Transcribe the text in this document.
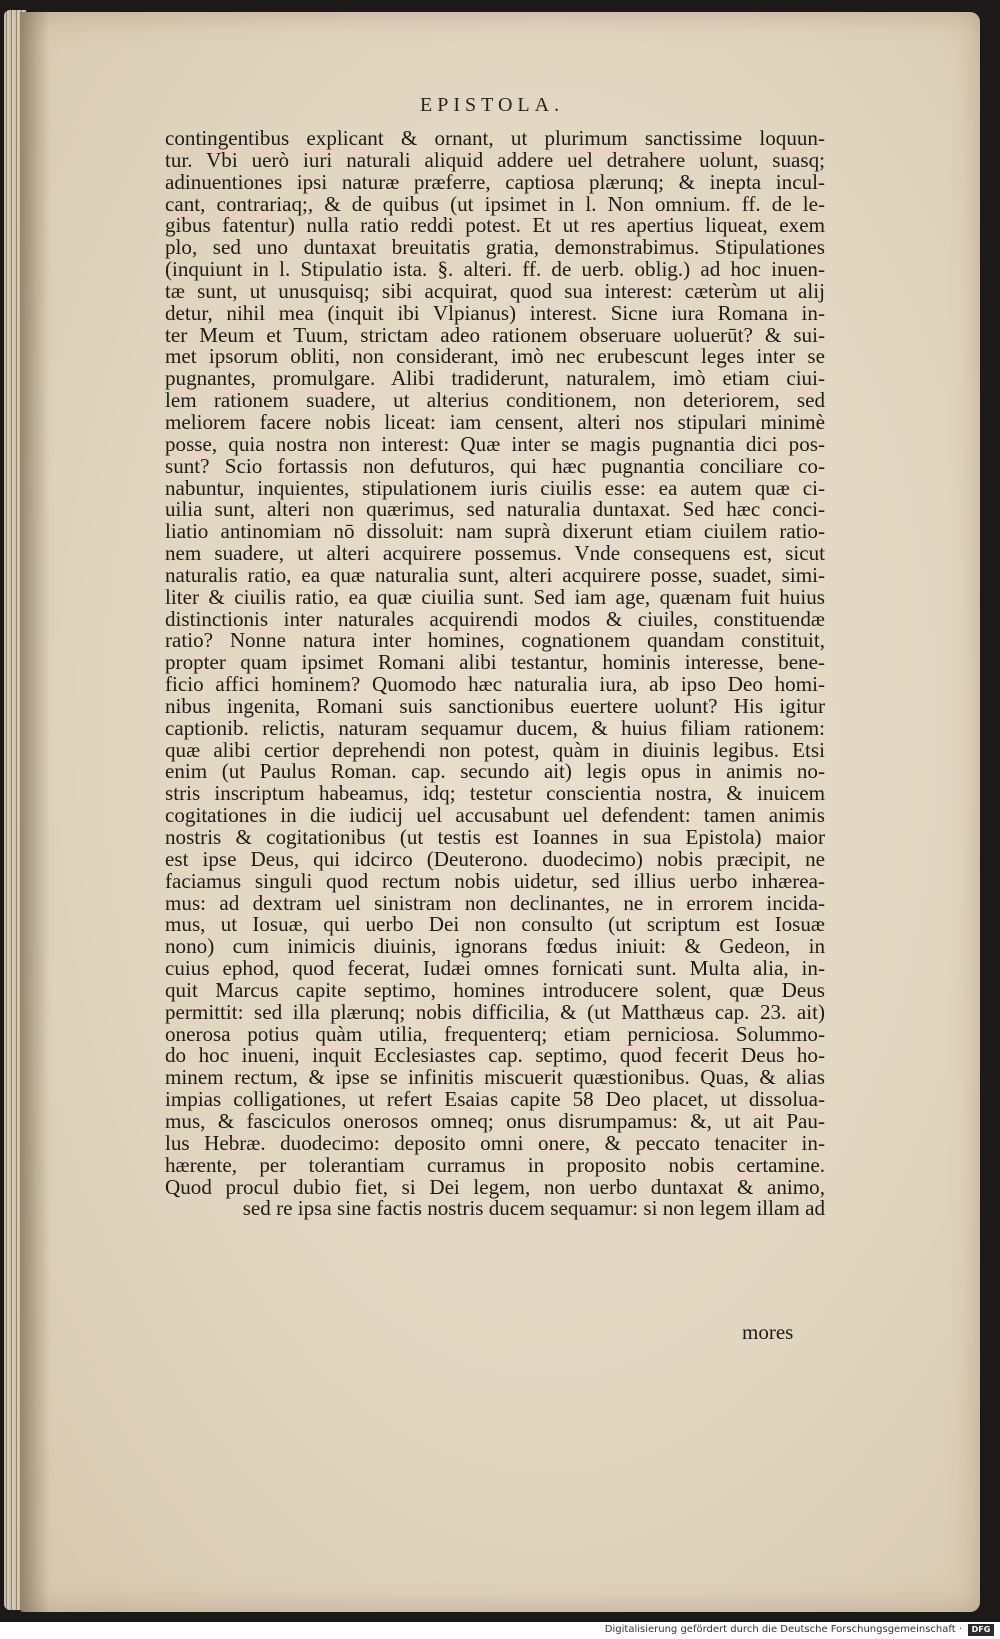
EPISTOLA.
contingentibus explicant & ornant, ut plurimum sanctissime loquun-
tur. Vbi uerò iuri naturali aliquid addere uel detrahere uolunt, suasq;
adinuentiones ipsi naturæ præferre, captiosa plærunq; & inepta incul-
cant, contrariaq;, & de quibus (ut ipsimet in l. Non omnium. ff. de le-
gibus fatentur) nulla ratio reddi potest. Et ut res apertius liqueat, exem
plo, sed uno duntaxat breuitatis gratia, demonstrabimus. Stipulationes
(inquiunt in l. Stipulatio ista. §. alteri. ff. de uerb. oblig.) ad hoc inuen-
tæ sunt, ut unusquisq; sibi acquirat, quod sua interest: cæterùm ut alij
detur, nihil mea (inquit ibi Vlpianus) interest. Sicne iura Romana in-
ter Meum et Tuum, strictam adeo rationem obseruare uoluerūt? & sui-
met ipsorum obliti, non considerant, imò nec erubescunt leges inter se
pugnantes, promulgare. Alibi tradiderunt, naturalem, imò etiam ciui-
lem rationem suadere, ut alterius conditionem, non deteriorem, sed
meliorem facere nobis liceat: iam censent, alteri nos stipulari minimè
posse, quia nostra non interest: Quæ inter se magis pugnantia dici pos-
sunt? Scio fortassis non defuturos, qui hæc pugnantia conciliare co-
nabuntur, inquientes, stipulationem iuris ciuilis esse: ea autem quæ ci-
uilia sunt, alteri non quærimus, sed naturalia duntaxat. Sed hæc conci-
liatio antinomiam nō dissoluit: nam suprà dixerunt etiam ciuilem ratio-
nem suadere, ut alteri acquirere possemus. Vnde consequens est, sicut
naturalis ratio, ea quæ naturalia sunt, alteri acquirere posse, suadet, simi-
liter & ciuilis ratio, ea quæ ciuilia sunt. Sed iam age, quænam fuit huius
distinctionis inter naturales acquirendi modos & ciuiles, constituendæ
ratio? Nonne natura inter homines, cognationem quandam constituit,
propter quam ipsimet Romani alibi testantur, hominis interesse, bene-
ficio affici hominem? Quomodo hæc naturalia iura, ab ipso Deo homi-
nibus ingenita, Romani suis sanctionibus euertere uolunt? His igitur
captionib. relictis, naturam sequamur ducem, & huius filiam rationem:
quæ alibi certior deprehendi non potest, quàm in diuinis legibus. Etsi
enim (ut Paulus Roman. cap. secundo ait) legis opus in animis no-
stris inscriptum habeamus, idq; testetur conscientia nostra, & inuicem
cogitationes in die iudicij uel accusabunt uel defendent: tamen animis
nostris & cogitationibus (ut testis est Ioannes in sua Epistola) maior
est ipse Deus, qui idcirco (Deuterono. duodecimo) nobis præcipit, ne
faciamus singuli quod rectum nobis uidetur, sed illius uerbo inhærea-
mus: ad dextram uel sinistram non declinantes, ne in errorem incida-
mus, ut Iosuæ, qui uerbo Dei non consulto (ut scriptum est Iosuæ
nono) cum inimicis diuinis, ignorans fœdus iniuit: & Gedeon, in
cuius ephod, quod fecerat, Iudæi omnes fornicati sunt. Multa alia, in-
quit Marcus capite septimo, homines introducere solent, quæ Deus
permittit: sed illa plærunq; nobis difficilia, & (ut Matthæus cap. 23. ait)
onerosa potius quàm utilia, frequenterq; etiam perniciosa. Solummo-
do hoc inueni, inquit Ecclesiastes cap. septimo, quod fecerit Deus ho-
minem rectum, & ipse se infinitis miscuerit quæstionibus. Quas, & alias
impias colligationes, ut refert Esaias capite 58 Deo placet, ut dissolua-
mus, & fasciculos onerosos omneq; onus disrumpamus: &, ut ait Pau-
lus Hebræ. duodecimo: deposito omni onere, & peccato tenaciter in-
hærente, per tolerantiam curramus in proposito nobis certamine.
Quod procul dubio fiet, si Dei legem, non uerbo duntaxat & animo,
sed re ipsa sine factis nostris ducem sequamur: si non legem illam ad
mores
Digitalisierung gefördert durch die Deutsche Forschungsgemeinschaft ·	DFG
